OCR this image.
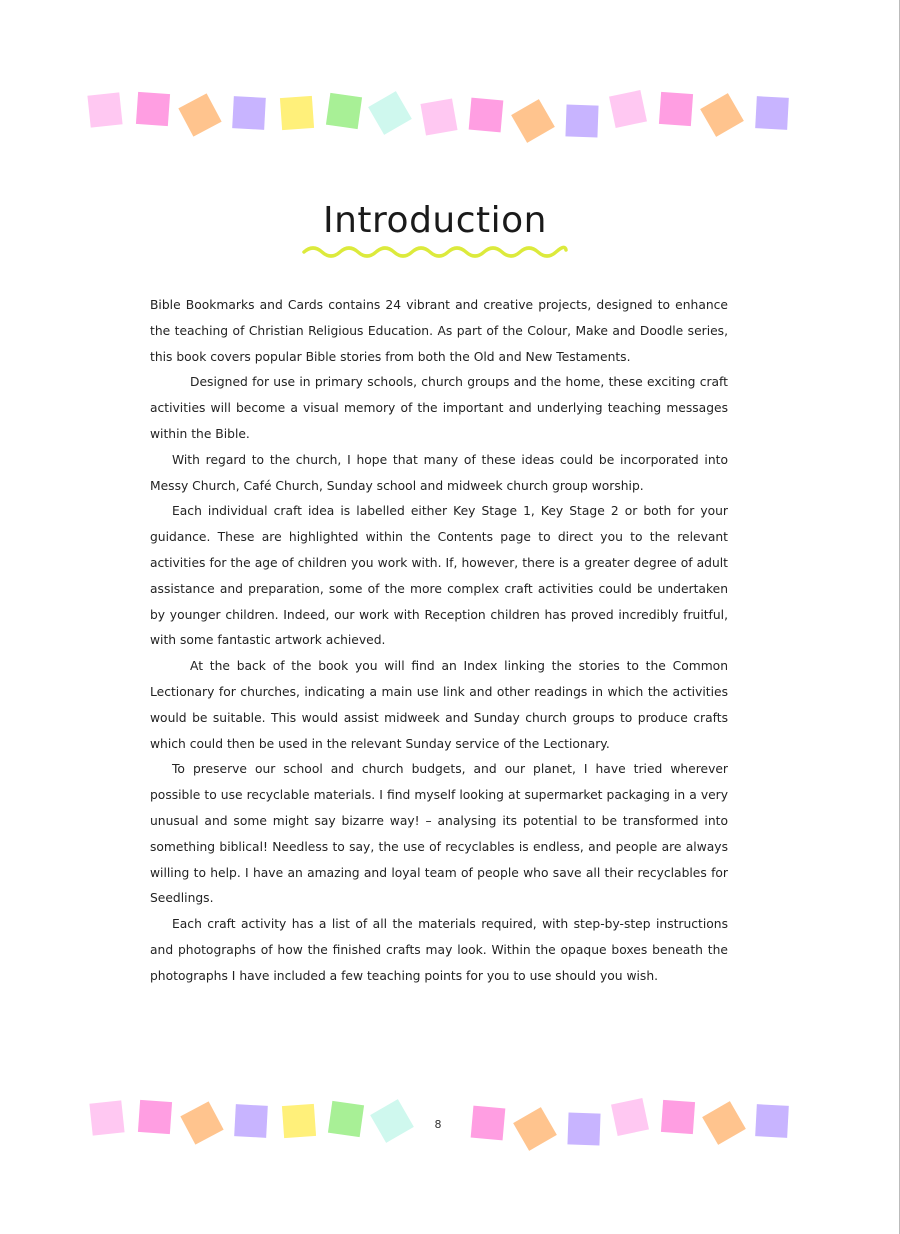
Introduction

Bible Bookmarks and Cards contains 24 vibrant and creative projects, designed to enhance the teaching of Christian Religious Education. As part of the Colour, Make and Doodle series, this book covers popular Bible stories from both the Old and New Testaments.

Designed for use in primary schools, church groups and the home, these exciting craft activities will become a visual memory of the important and underlying teaching messages within the Bible.

With regard to the church, I hope that many of these ideas could be incorporated into Messy Church, Café Church, Sunday school and midweek church group worship.

Each individual craft idea is labelled either Key Stage 1, Key Stage 2 or both for your guidance. These are highlighted within the Contents page to direct you to the relevant activities for the age of children you work with. If, however, there is a greater degree of adult assistance and preparation, some of the more complex craft activities could be undertaken by younger children. Indeed, our work with Reception children has proved incredibly fruitful, with some fantastic artwork achieved.

At the back of the book you will find an Index linking the stories to the Common Lectionary for churches, indicating a main use link and other readings in which the activities would be suitable. This would assist midweek and Sunday church groups to produce crafts which could then be used in the relevant Sunday service of the Lectionary.

To preserve our school and church budgets, and our planet, I have tried wherever possible to use recyclable materials. I find myself looking at supermarket packaging in a very unusual and some might say bizarre way! – analysing its potential to be transformed into something biblical! Needless to say, the use of recyclables is endless, and people are always willing to help. I have an amazing and loyal team of people who save all their recyclables for Seedlings.

Each craft activity has a list of all the materials required, with step-by-step instructions and photographs of how the finished crafts may look. Within the opaque boxes beneath the photographs I have included a few teaching points for you to use should you wish.

8
